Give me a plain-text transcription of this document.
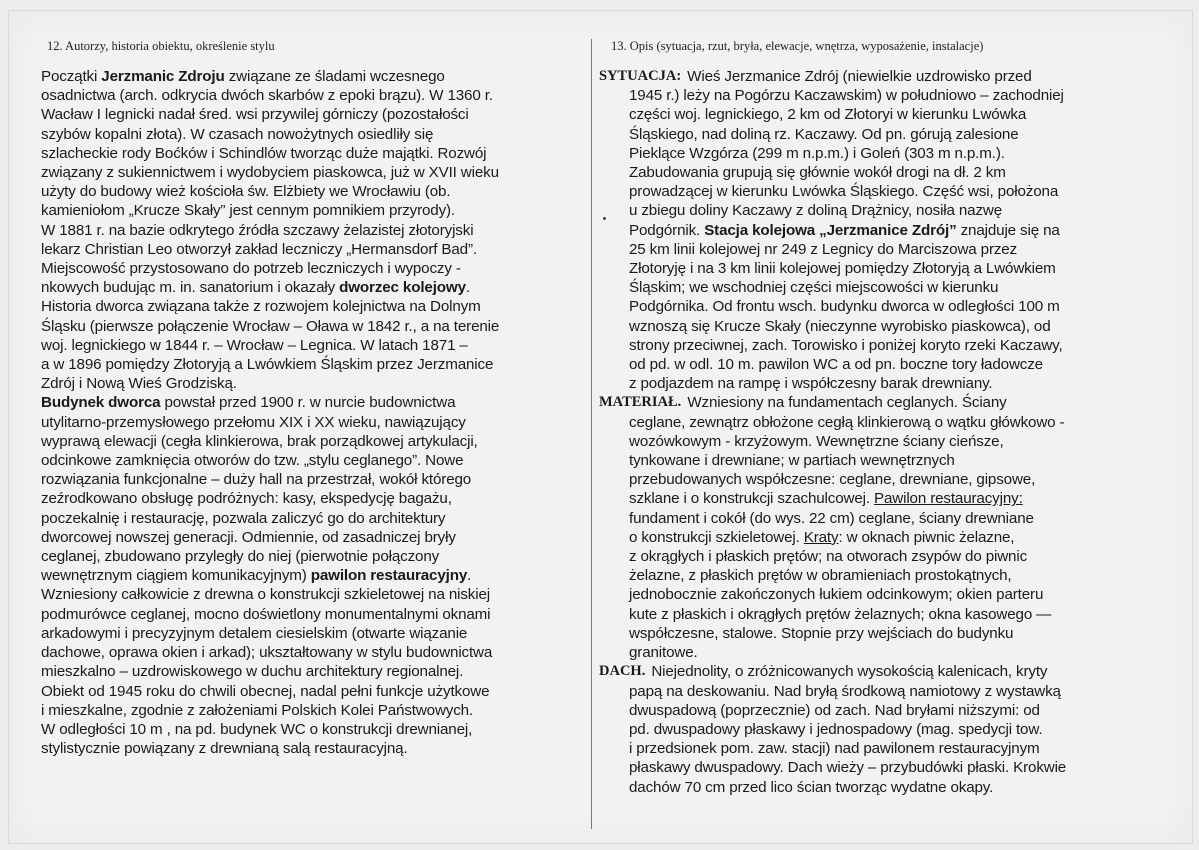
12. Autorzy, historia obiektu, określenie stylu

Początki Jerzmanic Zdroju związane ze śladami wczesnego

osadnictwa (arch. odkrycia dwóch skarbów z epoki brązu). W 1360 r.

Wacław I legnicki nadał śred. wsi przywilej górniczy (pozostałości

szybów kopalni złota). W czasach nowożytnych osiedliły się

szlacheckie rody Boćków i Schindlów tworząc duże majątki. Rozwój

związany z sukiennictwem i wydobyciem piaskowca, już w XVII wieku

użyty do budowy wież kościoła św. Elżbiety we Wrocławiu (ob.

kamieniołom „Krucze Skały” jest cennym pomnikiem przyrody).

W 1881 r. na bazie odkrytego źródła szczawy żelazistej złotoryjski

lekarz Christian Leo otworzył zakład leczniczy „Hermansdorf Bad”.

Miejscowość przystosowano do potrzeb leczniczych i wypoczy -

nkowych budując m. in. sanatorium i okazały dworzec kolejowy.

Historia dworca związana także z rozwojem kolejnictwa na Dolnym

Śląsku (pierwsze połączenie Wrocław – Oława w 1842 r., a na terenie

woj. legnickiego w 1844 r. – Wrocław – Legnica. W latach 1871 –

a w 1896 pomiędzy Złotoryją a Lwówkiem Śląskim przez Jerzmanice

Zdrój i Nową Wieś Grodziską.

Budynek dworca powstał przed 1900 r. w nurcie budownictwa

utylitarno-przemysłowego przełomu XIX i XX wieku, nawiązujący

wyprawą elewacji (cegła klinkierowa, brak porządkowej artykulacji,

odcinkowe zamknięcia otworów do tzw. „stylu ceglanego”. Nowe

rozwiązania funkcjonalne – duży hall na przestrzał, wokół którego

zeźrodkowano obsługę podróżnych: kasy, ekspedycję bagażu,

poczekalnię i restaurację, pozwala zaliczyć go do architektury

dworcowej nowszej generacji. Odmiennie, od zasadniczej bryły

ceglanej, zbudowano przyległy do niej (pierwotnie połączony

wewnętrznym ciągiem komunikacyjnym) pawilon restauracyjny.

Wzniesiony całkowicie z drewna o konstrukcji szkieletowej na niskiej

podmurówce ceglanej, mocno doświetlony monumentalnymi oknami

arkadowymi i precyzyjnym detalem ciesielskim (otwarte wiązanie

dachowe, oprawa okien i arkad); ukształtowany w stylu budownictwa

mieszkalno – uzdrowiskowego w duchu architektury regionalnej.

Obiekt od 1945 roku do chwili obecnej, nadal pełni funkcje użytkowe

i mieszkalne, zgodnie z założeniami Polskich Kolei Państwowych.

W odległości 10 m , na pd. budynek WC o konstrukcji drewnianej,

stylistycznie powiązany z drewnianą salą restauracyjną.

13. Opis (sytuacja, rzut, bryła, elewacje, wnętrza, wyposażenie, instalacje)
SYTUACJA: Wieś Jerzmanice Zdrój (niewielkie uzdrowisko przed

1945 r.) leży na Pogórzu Kaczawskim) w południowo – zachodniej

części woj. legnickiego, 2 km od Złotoryi w kierunku Lwówka

Śląskiego, nad doliną rz. Kaczawy. Od pn. górują zalesione

Pieklące Wzgórza (299 m n.p.m.) i Goleń (303 m n.p.m.).

Zabudowania grupują się głównie wokół drogi na dł. 2 km

prowadzącej w kierunku Lwówka Śląskiego. Część wsi, położona

u zbiegu doliny Kaczawy z doliną Drążnicy, nosiła nazwę

Podgórnik. Stacja kolejowa „Jerzmanice Zdrój” znajduje się na

25 km linii kolejowej nr 249 z Legnicy do Marciszowa przez

Złotoryję i na 3 km linii kolejowej pomiędzy Złotoryją a Lwówkiem

Śląskim; we wschodniej części miejscowości w kierunku

Podgórnika. Od frontu wsch. budynku dworca w odległości 100 m

wznoszą się Krucze Skały (nieczynne wyrobisko piaskowca), od

strony przeciwnej, zach. Torowisko i poniżej koryto rzeki Kaczawy,

od pd. w odl. 10 m. pawilon WC a od pn. boczne tory ładowcze

z podjazdem na rampę i współczesny barak drewniany.

MATERIAŁ. Wzniesiony na fundamentach ceglanych. Ściany

ceglane, zewnątrz obłożone cegłą klinkierową o wątku główkowo -

wozówkowym - krzyżowym. Wewnętrzne ściany cieńsze,

tynkowane i drewniane; w partiach wewnętrznych

przebudowanych współczesne: ceglane, drewniane, gipsowe,

szklane i o konstrukcji szachulcowej. Pawilon restauracyjny:

fundament i cokół (do wys. 22 cm) ceglane, ściany drewniane

o konstrukcji szkieletowej. Kraty: w oknach piwnic żelazne,

z okrągłych i płaskich prętów; na otworach zsypów do piwnic

żelazne, z płaskich prętów w obramieniach prostokątnych,

jednobocznie zakończonych łukiem odcinkowym; okien parteru

kute z płaskich i okrągłych prętów żelaznych; okna kasowego —

współczesne, stalowe. Stopnie przy wejściach do budynku

granitowe.

DACH. Niejednolity, o zróżnicowanych wysokością kalenicach, kryty

papą na deskowaniu. Nad bryłą środkową namiotowy z wystawką

dwuspadową (poprzecznie) od zach. Nad bryłami niższymi: od

pd. dwuspadowy płaskawy i jednospadowy (mag. spedycji tow.

i przedsionek pom. zaw. stacji) nad pawilonem restauracyjnym

płaskawy dwuspadowy. Dach wieży – przybudówki płaski. Krokwie

dachów 70 cm przed lico ścian tworząc wydatne okapy.
